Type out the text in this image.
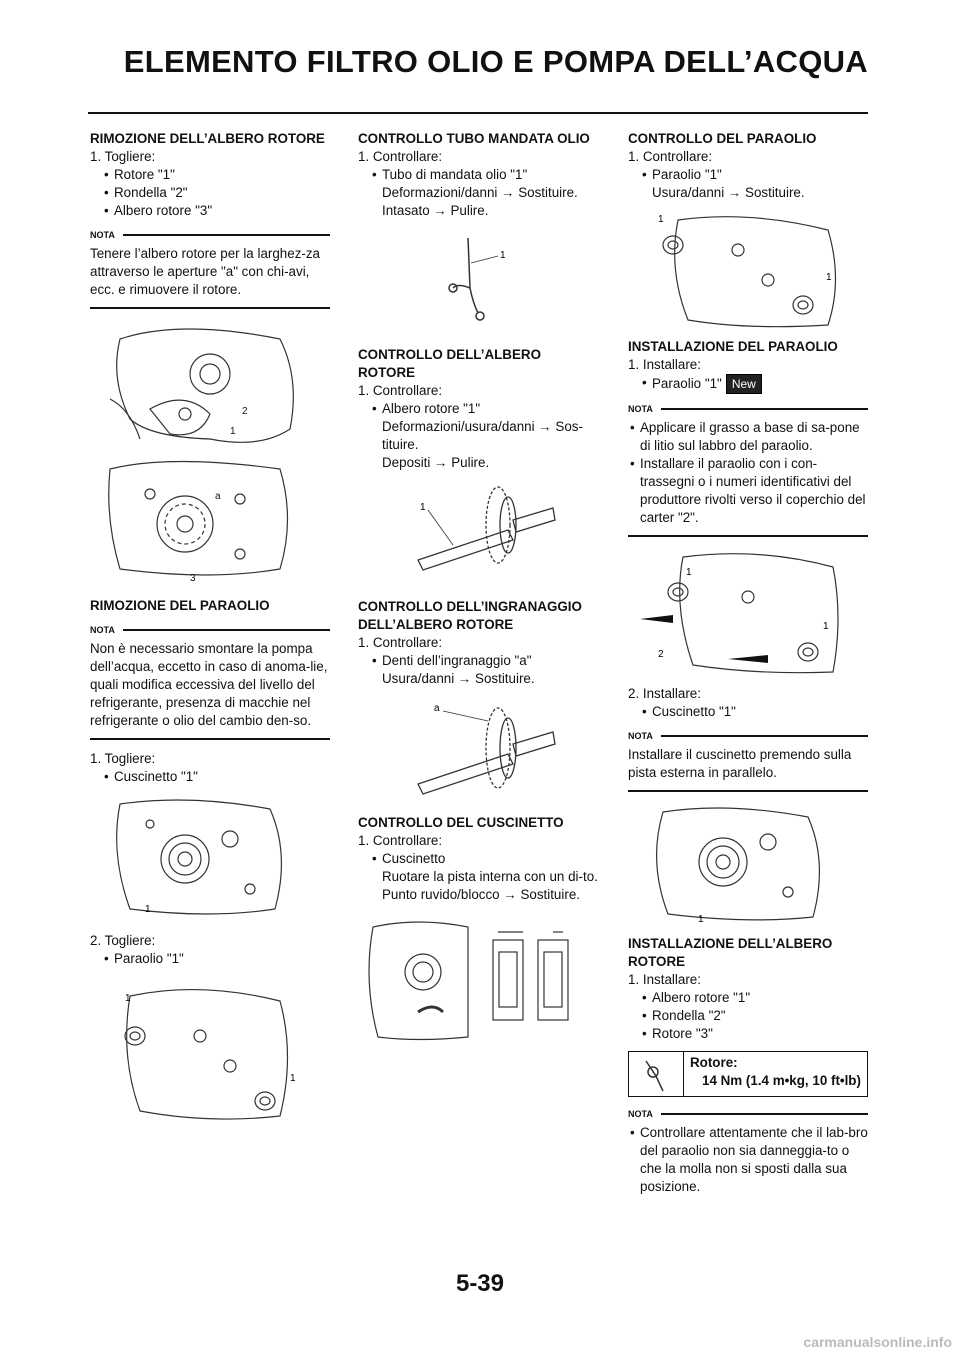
ELEMENTO FILTRO OLIO E POMPA DELL’ACQUA

RIMOZIONE DELL’ALBERO ROTORE

1. Togliere:

• Rotore "1"

• Rondella "2"

• Albero rotore "3"

NOTA

Tenere l’albero rotore per la larghez-za attraverso le aperture "a" con chi-avi, ecc. e rimuovere il rotore.

2
1
a
3

RIMOZIONE DEL PARAOLIO

NOTA

Non è necessario smontare la pompa dell’acqua, eccetto in caso di anoma-lie, quali modifica eccessiva del livello del refrigerante, presenza di macchie nel refrigerante o olio del cambio den-so.

1. Togliere:

• Cuscinetto "1"

1

2. Togliere:

• Paraolio "1"

1
1

CONTROLLO TUBO MANDATA OLIO

1. Controllare:

• Tubo di mandata olio "1"

Deformazioni/danni → Sostituire.

Intasato → Pulire.

1

CONTROLLO DELL’ALBERO ROTORE

1. Controllare:

• Albero rotore "1"

Deformazioni/usura/danni → Sos-tituire.

Depositi → Pulire.

1

CONTROLLO DELL’INGRANAGGIO DELL’ALBERO ROTORE

1. Controllare:

• Denti dell’ingranaggio "a"

Usura/danni → Sostituire.

a

CONTROLLO DEL CUSCINETTO

1. Controllare:

• Cuscinetto

Ruotare la pista interna con un di-to.

Punto ruvido/blocco → Sostituire.

CONTROLLO DEL PARAOLIO

1. Controllare:

• Paraolio "1"

Usura/danni → Sostituire.

1
1

INSTALLAZIONE DEL PARAOLIO

1. Installare:

• Paraolio "1" New

NOTA

• Applicare il grasso a base di sa-pone di litio sul labbro del paraolio.

• Installare il paraolio con i con-trassegni o i numeri identificativi del produttore rivolti verso il coperchio del carter "2".

1
1
2

2. Installare:

• Cuscinetto "1"

NOTA

Installare il cuscinetto premendo sulla pista esterna in parallelo.

1

INSTALLAZIONE DELL’ALBERO ROTORE

1. Installare:

• Albero rotore "1"

• Rondella "2"

• Rotore "3"

Rotore:
14 Nm (1.4 m•kg, 10 ft•lb)
NOTA

• Controllare attentamente che il lab-bro del paraolio non sia danneggia-to o che la molla non si sposti dalla sua posizione.

5-39
carmanualsonline.info
